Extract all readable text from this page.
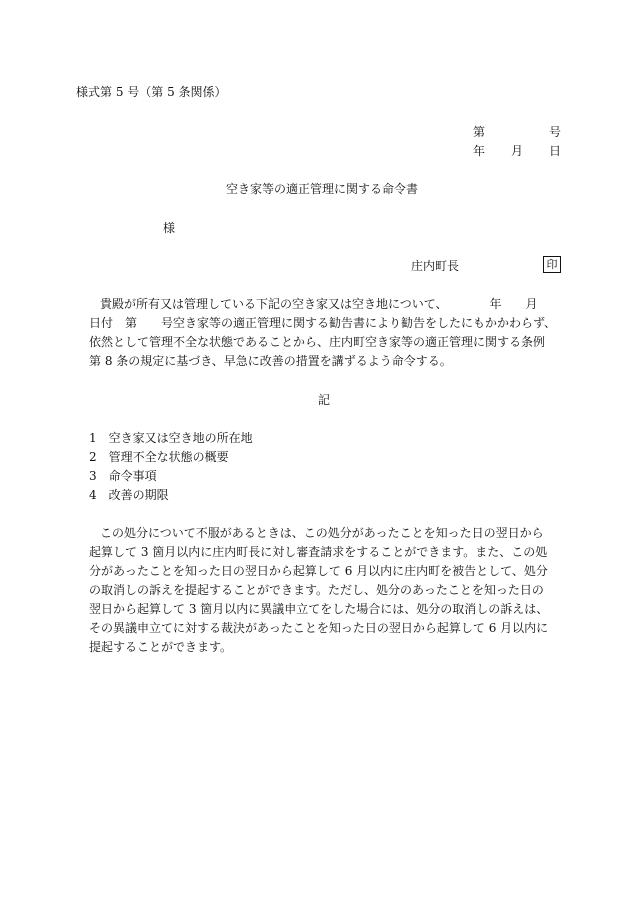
様式第 5 号（第 5 条関係）
第	号
年 月 日
空き家等の適正管理に関する命令書
様
庄内町長	印
貴殿が所有又は管理している下記の空き家又は空き地について、　　　　年　　月
日付　第　　号空き家等の適正管理に関する勧告書により勧告をしたにもかかわらず、
依然として管理不全な状態であることから、庄内町空き家等の適正管理に関する条例
第 8 条の規定に基づき、早急に改善の措置を講ずるよう命令する。
記
1　空き家又は空き地の所在地
2　管理不全な状態の概要
3　命令事項
4　改善の期限
この処分について不服があるときは、この処分があったことを知った日の翌日から
起算して 3 箇月以内に庄内町長に対し審査請求をすることができます。また、この処
分があったことを知った日の翌日から起算して 6 月以内に庄内町を被告として、処分
の取消しの訴えを提起することができます。ただし、処分のあったことを知った日の
翌日から起算して 3 箇月以内に異議申立てをした場合には、処分の取消しの訴えは、
その異議申立てに対する裁決があったことを知った日の翌日から起算して 6 月以内に
提起することができます。
